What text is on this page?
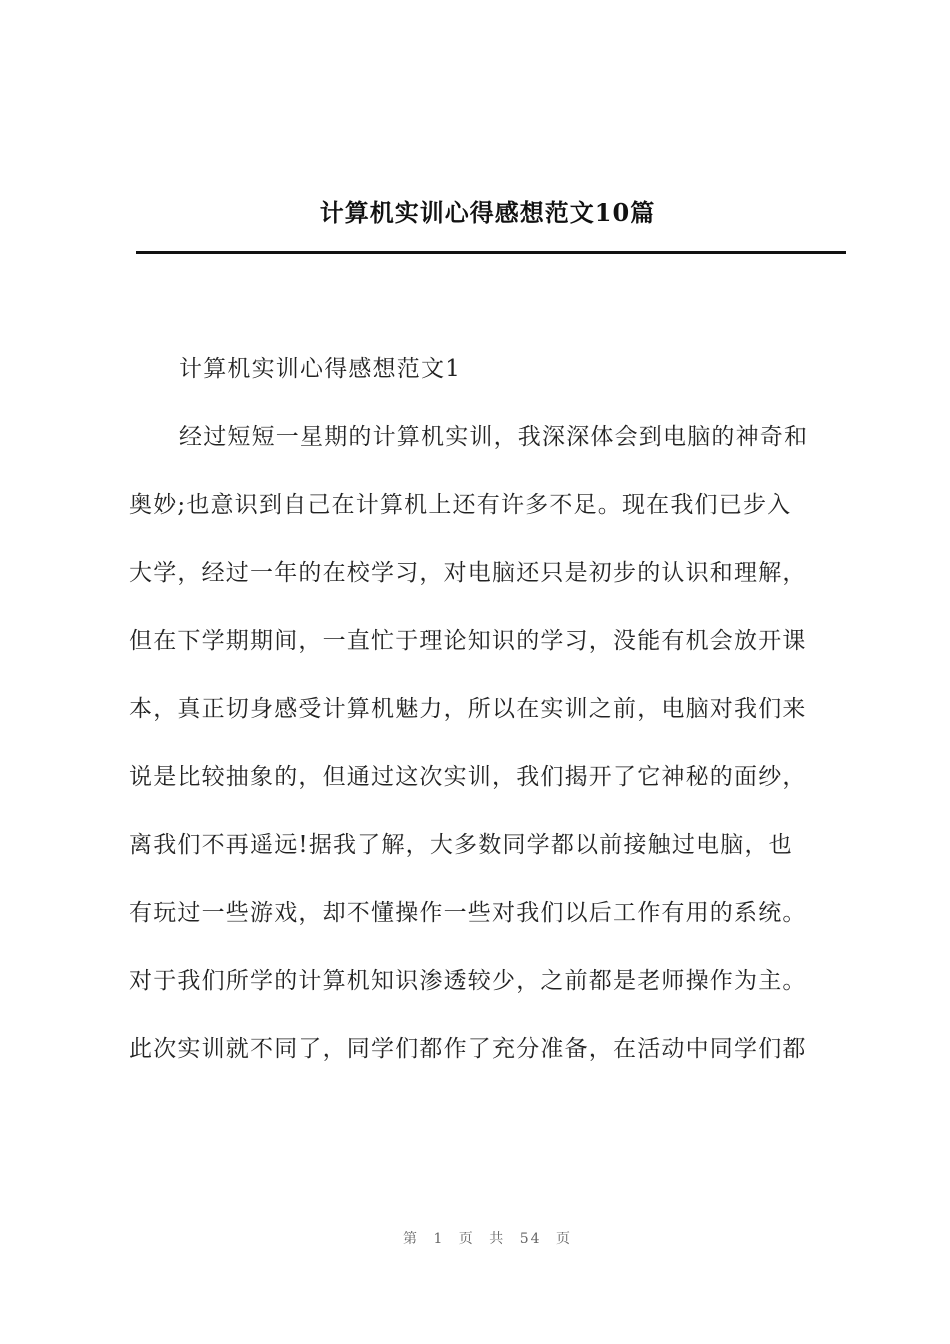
计算机实训心得感想范文10篇
计算机实训心得感想范文1
经过短短一星期的计算机实训，我深深体会到电脑的神奇和
奥妙;也意识到自己在计算机上还有许多不足。现在我们已步入
大学，经过一年的在校学习，对电脑还只是初步的认识和理解，
但在下学期期间，一直忙于理论知识的学习，没能有机会放开课
本，真正切身感受计算机魅力，所以在实训之前，电脑对我们来
说是比较抽象的，但通过这次实训，我们揭开了它神秘的面纱，
离我们不再遥远!据我了解，大多数同学都以前接触过电脑，也
有玩过一些游戏，却不懂操作一些对我们以后工作有用的系统。
对于我们所学的计算机知识渗透较少，之前都是老师操作为主。
此次实训就不同了，同学们都作了充分准备，在活动中同学们都
第 1 页 共 54 页
